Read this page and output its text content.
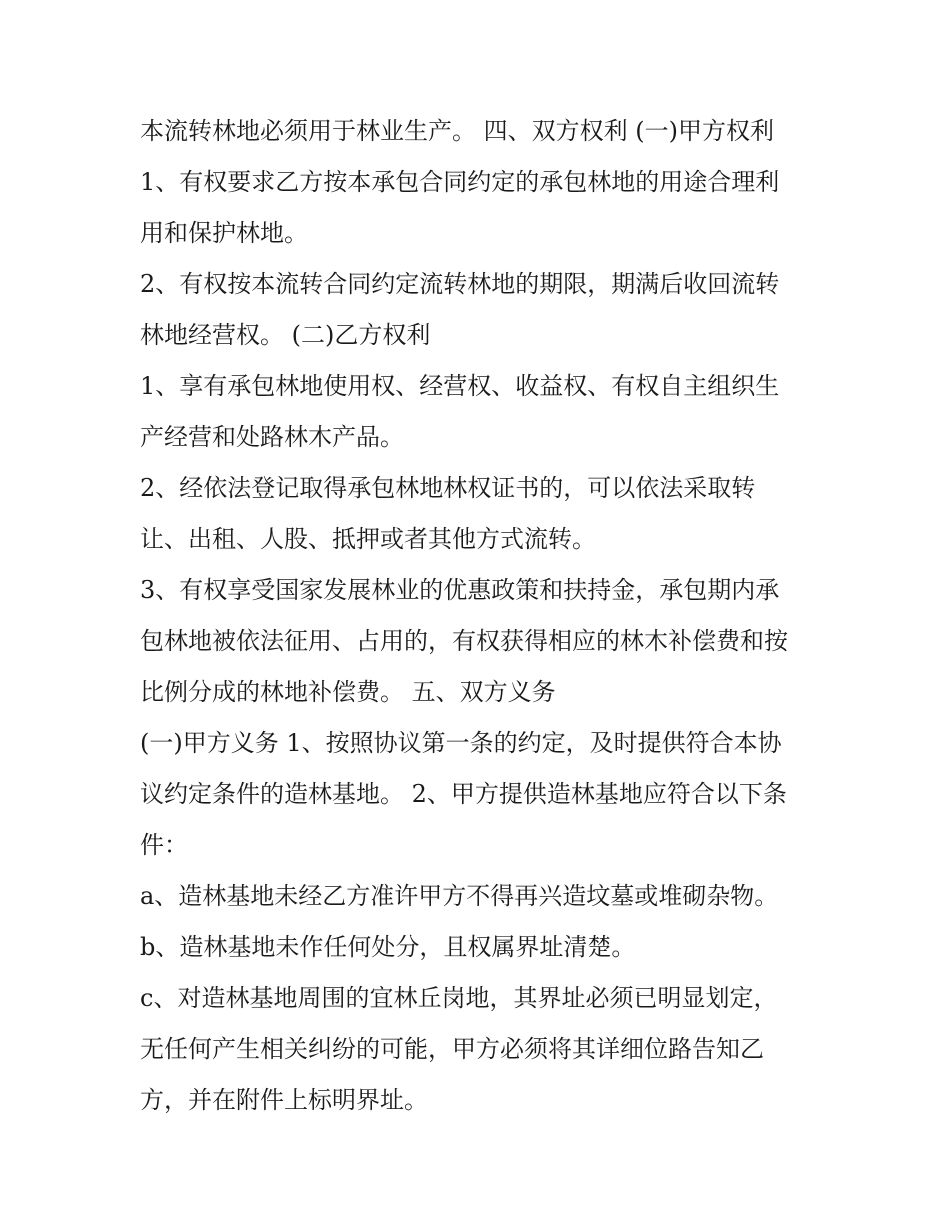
本流转林地必须用于林业生产。 四、双方权利 (一)甲方权利
1、有权要求乙方按本承包合同约定的承包林地的用途合理利
用和保护林地。
2、有权按本流转合同约定流转林地的期限，期满后收回流转
林地经营权。 (二)乙方权利
1、享有承包林地使用权、经营权、收益权、有权自主组织生
产经营和处路林木产品。
2、经依法登记取得承包林地林权证书的，可以依法采取转
让、出租、人股、抵押或者其他方式流转。
3、有权享受国家发展林业的优惠政策和扶持金，承包期内承
包林地被依法征用、占用的，有权获得相应的林木补偿费和按
比例分成的林地补偿费。 五、双方义务
(一)甲方义务 1、按照协议第一条的约定，及时提供符合本协
议约定条件的造林基地。 2、甲方提供造林基地应符合以下条
件：
a、造林基地未经乙方准许甲方不得再兴造坟墓或堆砌杂物。
b、造林基地未作任何处分，且权属界址清楚。
c、对造林基地周围的宜林丘岗地，其界址必须已明显划定，
无任何产生相关纠纷的可能，甲方必须将其详细位路告知乙
方，并在附件上标明界址。
